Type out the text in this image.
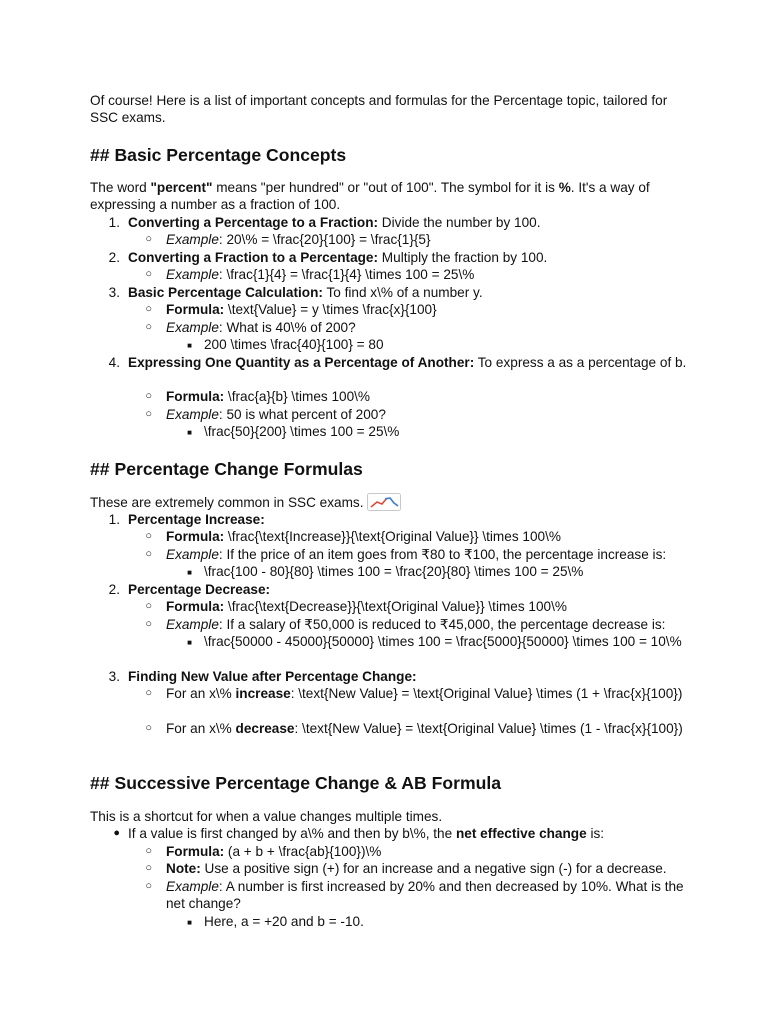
Of course! Here is a list of important concepts and formulas for the Percentage topic, tailored for SSC exams.

## Basic Percentage Concepts

The word "percent" means "per hundred" or "out of 100". The symbol for it is %. It's a way of expressing a number as a fraction of 100.

1. Converting a Percentage to a Fraction: Divide the number by 100.
○ Example: 20\% = \frac{20}{100} = \frac{1}{5}
2. Converting a Fraction to a Percentage: Multiply the fraction by 100.
○ Example: \frac{1}{4} = \frac{1}{4} \times 100 = 25\%
3. Basic Percentage Calculation: To find x\% of a number y.
○ Formula: \text{Value} = y \times \frac{x}{100}
○ Example: What is 40\% of 200?
■ 200 \times \frac{40}{100} = 80
4. Expressing One Quantity as a Percentage of Another: To express a as a percentage of b.
○ Formula: \frac{a}{b} \times 100\%
○ Example: 50 is what percent of 200?
■ \frac{50}{200} \times 100 = 25\%
## Percentage Change Formulas

These are extremely common in SSC exams.

1. Percentage Increase:
○ Formula: \frac{\text{Increase}}{\text{Original Value}} \times 100\%
○ Example: If the price of an item goes from ₹80 to ₹100, the percentage increase is:
■ \frac{100 - 80}{80} \times 100 = \frac{20}{80} \times 100 = 25\%
2. Percentage Decrease:
○ Formula: \frac{\text{Decrease}}{\text{Original Value}} \times 100\%
○ Example: If a salary of ₹50,000 is reduced to ₹45,000, the percentage decrease is:
■ \frac{50000 - 45000}{50000} \times 100 = \frac{5000}{50000} \times 100 = 10\%
3. Finding New Value after Percentage Change:
○ For an x\% increase: \text{New Value} = \text{Original Value} \times (1 + \frac{x}{100})
○ For an x\% decrease: \text{New Value} = \text{Original Value} \times (1 - \frac{x}{100})
## Successive Percentage Change & AB Formula

This is a shortcut for when a value changes multiple times.

● If a value is first changed by a\% and then by b\%, the net effective change is:
○ Formula: (a + b + \frac{ab}{100})\%
○ Note: Use a positive sign (+) for an increase and a negative sign (-) for a decrease.
○ Example: A number is first increased by 20% and then decreased by 10%. What is the net change?
■ Here, a = +20 and b = -10.
